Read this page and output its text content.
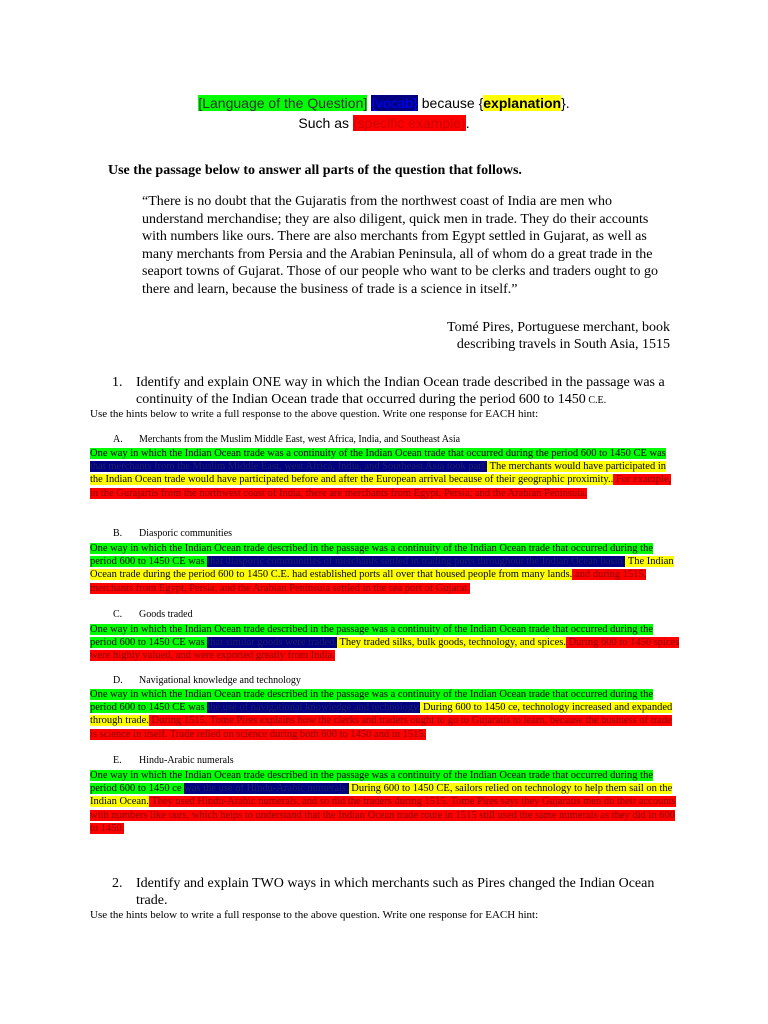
[Language of the Question] {vocab} because {explanation}.
Such as {specific example}.
Use the passage below to answer all parts of the question that follows.
“There is no doubt that the Gujaratis from the northwest coast of India are men who understand merchandise; they are also diligent, quick men in trade. They do their accounts with numbers like ours. There are also merchants from Egypt settled in Gujarat, as well as many merchants from Persia and the Arabian Peninsula, all of whom do a great trade in the seaport towns of Gujarat. Those of our people who want to be clerks and traders ought to go there and learn, because the business of trade is a science in itself.”
Tomé Pires, Portuguese merchant, book
describing travels in South Asia, 1515
1. Identify and explain ONE way in which the Indian Ocean trade described in the passage was a
continuity of the Indian Ocean trade that occurred during the period 600 to 1450 C.E.
Use the hints below to write a full response to the above question. Write one response for EACH hint:
A. Merchants from the Muslim Middle East, west Africa, India, and Southeast Asia
One way in which the Indian Ocean trade was a continuity of the Indian Ocean trade that occurred during the period 600 to 1450 CE was that merchants from the Muslim Middle East, west Africa, India, and Southeast Asia took part. The merchants would have participated in the Indian Ocean trade would have participated before and after the European arrival because of their geographic proximity.. For example, in the Gurajartis from the northwest coast of India, there are merchants from Egypt, Persia, and the Arabian Peninsula.
B. Diasporic communities
One way in which the Indian Ocean trade described in the passage was a continuity of the Indian Ocean trade that occurred during the period 600 to 1450 CE was that diasporic communities of merchants settled in trading ports throughout the Indian Ocean basin. The Indian Ocean trade during the period 600 to 1450 C.E. had established ports all over that housed people from many lands. and during 1515, merchants from Egypt, Persia, and the Arabian Peninsula settled in the sea port of Gujarat.
C. Goods traded
One way in which the Indian Ocean trade described in the passage was a continuity of the Indian Ocean trade that occurred during the period 600 to 1450 CE was that similar goods were traded. They traded silks, bulk goods, technology, and spices. During 600 to 1450 spices were highly valued, and were exported greatly from India.
D. Navigational knowledge and technology
One way in which the Indian Ocean trade described in the passage was a continuity of the Indian Ocean trade that occurred during the period 600 to 1450 CE was the use of navigational knowledge and technology. During 600 to 1450 ce, technology increased and expanded through trade. During 1515, Tome Pires explains how the clerks and traders ought to go to Gujaratis to learn, because the business of trade is science in itself. Trade relied on science during both 600 to 1450 and in 1515.
E. Hindu-Arabic numerals
One way in which the Indian Ocean trade described in the passage was a continuity of the Indian Ocean trade that occurred during the period 600 to 1450 ce was the use of Hindu-Arabic numerals. During 600 to 1450 CE, sailors relied on technology to help them sail on the Indian Ocean. They used Hindu-Arabic numerals, and so did the traders during 1515. Tome Pires says they Gujaratis men do their accounts with numbers like ours, which helps to understand that the Indian Ocean trade route in 1515 still used the same numerals as they did in 600 to 1450.
2. Identify and explain TWO ways in which merchants such as Pires changed the Indian Ocean
trade.
Use the hints below to write a full response to the above question. Write one response for EACH hint:
